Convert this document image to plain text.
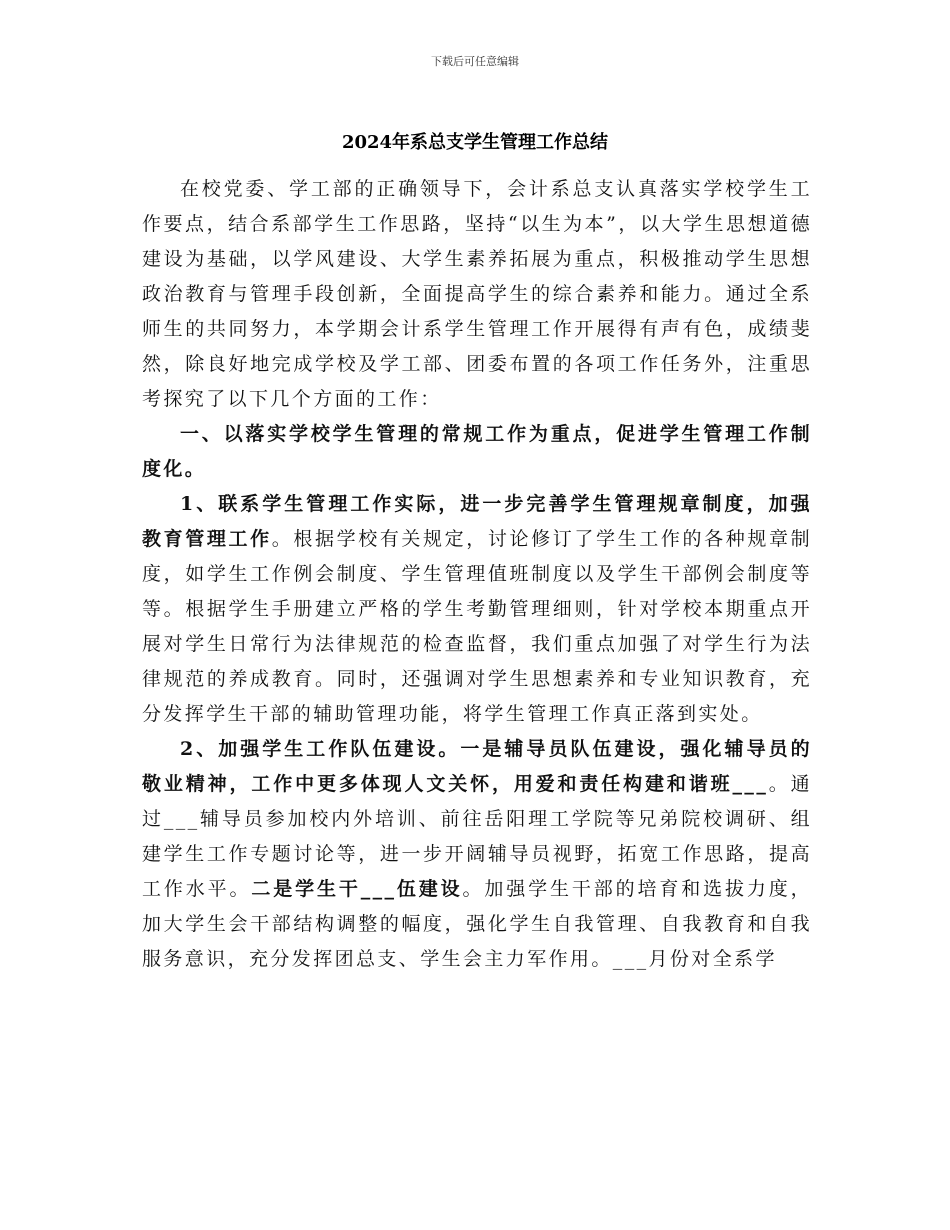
下载后可任意编辑
2024年系总支学生管理工作总结

在校党委、学工部的正确领导下，会计系总支认真落实学校学生工作要点，结合系部学生工作思路，坚持“以生为本”，以大学生思想道德建设为基础，以学风建设、大学生素养拓展为重点，积极推动学生思想政治教育与管理手段创新，全面提高学生的综合素养和能力。通过全系师生的共同努力，本学期会计系学生管理工作开展得有声有色，成绩斐然，除良好地完成学校及学工部、团委布置的各项工作任务外，注重思考探究了以下几个方面的工作：

一、以落实学校学生管理的常规工作为重点，促进学生管理工作制度化。

1、联系学生管理工作实际，进一步完善学生管理规章制度，加强教育管理工作。根据学校有关规定，讨论修订了学生工作的各种规章制度，如学生工作例会制度、学生管理值班制度以及学生干部例会制度等等。根据学生手册建立严格的学生考勤管理细则，针对学校本期重点开展对学生日常行为法律规范的检查监督，我们重点加强了对学生行为法律规范的养成教育。同时，还强调对学生思想素养和专业知识教育，充分发挥学生干部的辅助管理功能，将学生管理工作真正落到实处。

2、加强学生工作队伍建设。一是辅导员队伍建设，强化辅导员的敬业精神，工作中更多体现人文关怀，用爱和责任构建和谐班___。通过___辅导员参加校内外培训、前往岳阳理工学院等兄弟院校调研、组建学生工作专题讨论等，进一步开阔辅导员视野，拓宽工作思路，提高工作水平。二是学生干___伍建设。加强学生干部的培育和选拔力度，加大学生会干部结构调整的幅度，强化学生自我管理、自我教育和自我服务意识，充分发挥团总支、学生会主力军作用。___月份对全系学
